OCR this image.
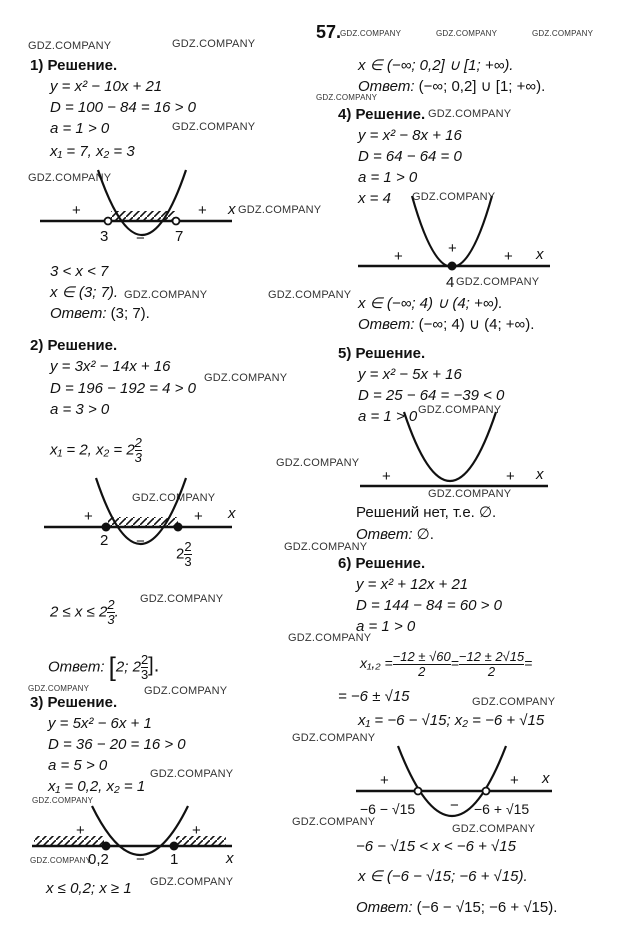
GDZ.COMPANY	GDZ.COMPANY
GDZ.COMPANY
GDZ.COMPANY
GDZ.COMPANY
GDZ.COMPANY	GDZ.COMPANY
GDZ.COMPANY
GDZ.COMPANY
GDZ.COMPANY
GDZ.COMPANY
GDZ.COMPANY
GDZ.COMPANY
GDZ.COMPANY	GDZ.COMPANY
GDZ.COMPANY
GDZ.COMPANY
GDZ.COMPANY
GDZ.COMPANY
GDZ.COMPANY
GDZ.COMPANY
GDZ.COMPANY
GDZ.COMPANY
GDZ.COMPANY	GDZ.COMPANY	GDZ.COMPANY
GDZ.COMPANY
GDZ.COMPANY
GDZ.COMPANY
GDZ.COMPANY
GDZ.COMPANY
GDZ.COMPANY
57.
1) Решение.
y = x² − 10x + 21
D = 100 − 84 = 16 > 0
a = 1 > 0
x₁ = 7, x₂ = 3
+
−
+ x
3	7
3 < x < 7
x ∈ (3; 7).
Ответ: (3; 7).
2) Решение.
y = 3x² − 14x + 16
D = 196 − 192 = 4 > 0
a = 3 > 0
x₁ = 2, $x_2 = 2 \frac{2}{3}$
+
−
+ x
2
$2 \frac{2}{3}$
$2 \le x \le 2 \frac{2}{3}$ .
Ответ: [2; $2 \frac{2}{3}$ ].
3) Решение.
y = 5x² − 6x + 1
D = 36 − 20 = 16 > 0
a = 5 > 0
x₁ = 0,2, x₂ = 1
+
−
+
x
0,2	1
x ≤ 0,2; x ≥ 1
x ∈ (−∞; 0,2] ∪ [1; +∞).
Ответ: (−∞; 0,2] ∪ [1; +∞).
4) Решение.
y = x² − 8x + 16
D = 64 − 64 = 0
a = 1 > 0
x = 4
+	+	+ x
4
x ∈ (−∞; 4) ∪ (4; +∞).
Ответ: (−∞; 4) ∪ (4; +∞).
5) Решение.
y = x² − 5x + 16
D = 25 − 64 = −39 < 0
a = 1 > 0
+	+ x
Решений нет, т.е. ∅.
Ответ: ∅.
6) Решение.
y = x² + 12x + 21
D = 144 − 84 = 60 > 0
a = 1 > 0
$x_1,_2 = \frac{-12 \pm √60}{2} = \frac{-12 \pm 2√15}{2}$ =
= −6 ± √15
x₁ = −6 − √15; x₂ = −6 + √15
+
−
+ x
−6 − √15	−6 + √15
−6 − √15 < x < −6 + √15
x ∈ (−6 − √15; −6 + √15).
Ответ: (−6 − √15; −6 + √15).
